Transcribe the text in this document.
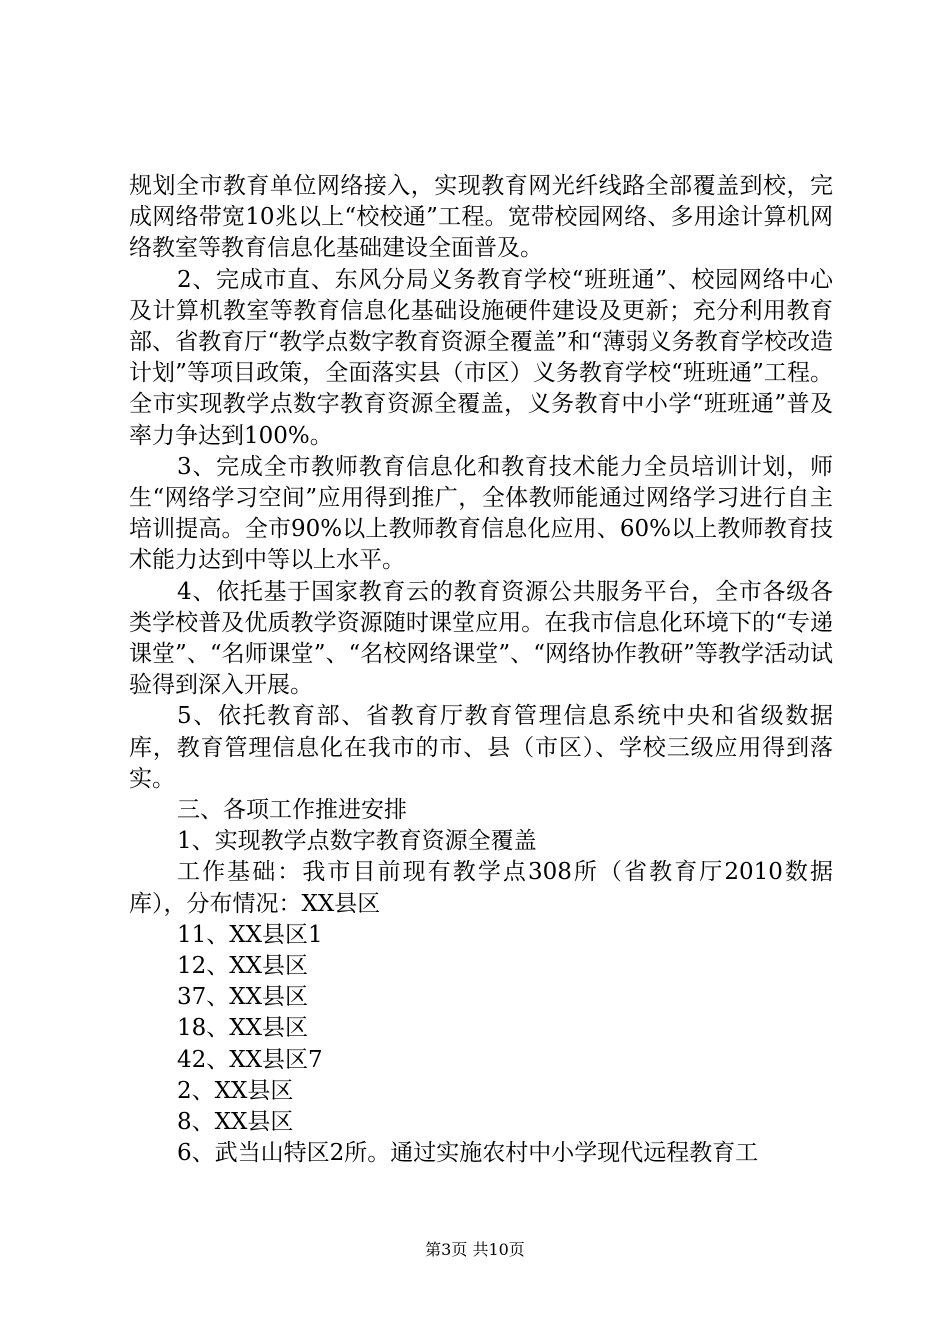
规划全市教育单位网络接入，实现教育网光纤线路全部覆盖到校，完成网络带宽10兆以上“校校通”工程。宽带校园网络、多用途计算机网络教室等教育信息化基础建设全面普及。

2、完成市直、东风分局义务教育学校“班班通”、校园网络中心及计算机教室等教育信息化基础设施硬件建设及更新；充分利用教育部、省教育厅“教学点数字教育资源全覆盖”和“薄弱义务教育学校改造计划”等项目政策，全面落实县（市区）义务教育学校“班班通”工程。全市实现教学点数字教育资源全覆盖，义务教育中小学“班班通”普及率力争达到100%。

3、完成全市教师教育信息化和教育技术能力全员培训计划，师生“网络学习空间”应用得到推广，全体教师能通过网络学习进行自主培训提高。全市90%以上教师教育信息化应用、60%以上教师教育技术能力达到中等以上水平。

4、依托基于国家教育云的教育资源公共服务平台，全市各级各类学校普及优质教学资源随时课堂应用。在我市信息化环境下的“专递课堂”、“名师课堂”、“名校网络课堂”、“网络协作教研”等教学活动试验得到深入开展。

5、依托教育部、省教育厅教育管理信息系统中央和省级数据库，教育管理信息化在我市的市、县（市区）、学校三级应用得到落实。

三、各项工作推进安排

1、实现教学点数字教育资源全覆盖

工作基础：我市目前现有教学点308所（省教育厅2010数据库），分布情况：XX县区

11、XX县区1

12、XX县区

37、XX县区

18、XX县区

42、XX县区7

2、XX县区

8、XX县区

6、武当山特区2所。通过实施农村中小学现代远程教育工

第3页 共10页
